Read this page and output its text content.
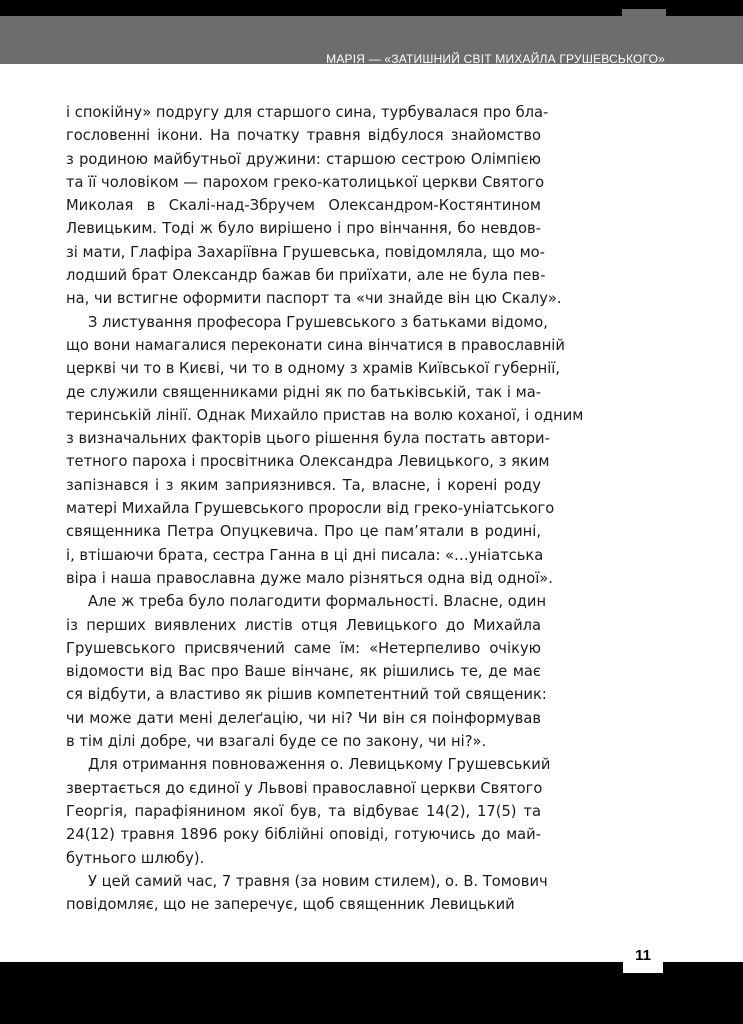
МАРІЯ — «ЗАТИШНИЙ СВІТ МИХАЙЛА ГРУШЕВСЬКОГО»
і спокійну» подругу для старшого сина, турбувалася про бла-
гословенні ікони. На початку травня відбулося знайомство
з родиною майбутньої дружини: старшою сестрою Олімпією
та її чоловіком — парохом греко-католицької церкви Святого
Миколая в Скалі-над-Збручем Олександром-Костянтином
Левицьким. Тоді ж було вирішено і про вінчання, бо невдов-
зі мати, Глафіра Захаріївна Грушевська, повідомляла, що мо-
лодший брат Олександр бажав би приїхати, але не була пев-
на, чи встигне оформити паспорт та «чи знайде він цю Скалу».
З листування професора Грушевського з батьками відомо,
що вони намагалися переконати сина вінчатися в православній
церкві чи то в Києві, чи то в одному з храмів Київської губернії,
де служили священниками рідні як по батьківській, так і ма-
теринській лінії. Однак Михайло пристав на волю коханої, і одним
з визначальних факторів цього рішення була постать автори-
тетного пароха і просвітника Олександра Левицького, з яким
запізнався і з яким заприязнився. Та, власне, і корені роду
матері Михайла Грушевського проросли від греко-уніатського
священника Петра Опуцкевича. Про це пам’ятали в родині,
і, втішаючи брата, сестра Ганна в ці дні писала: «…уніатська
віра і наша православна дуже мало різняться одна від одної».
Але ж треба було полагодити формальності. Власне, один
із перших виявлених листів отця Левицького до Михайла
Грушевського присвячений саме їм: «Нетерпеливо очікую
відомости від Вас про Ваше вінчанє, як рішились те, де має
ся відбути, а властиво як рішив компетентний той священик:
чи може дати мені делеґацію, чи ні? Чи він ся поінформував
в тім ділі добре, чи взагалі буде се по закону, чи ні?».
Для отримання повноваження о. Левицькому Грушевський
звертається до єдиної у Львові православної церкви Святого
Георгія, парафіянином якої був, та відбуває 14(2), 17(5) та
24(12) травня 1896 року біблійні оповіді, готуючись до май-
бутнього шлюбу).
У цей самий час, 7 травня (за новим стилем), о. В. Томович
повідомляє, що не заперечує, щоб священник Левицький
11
